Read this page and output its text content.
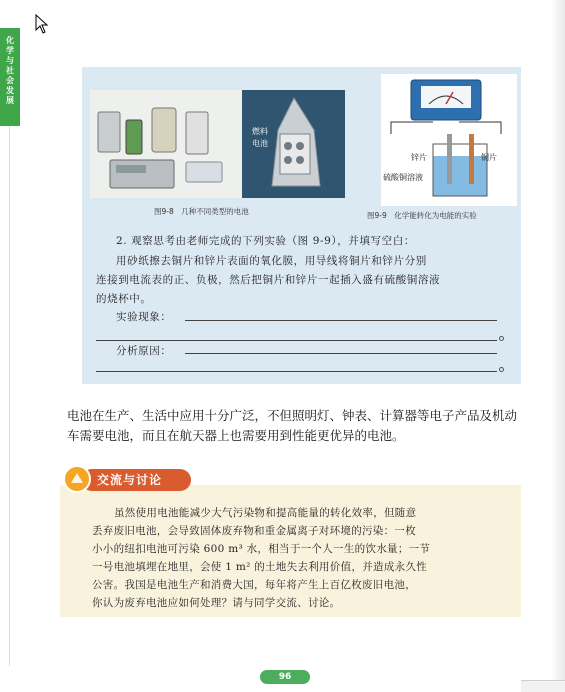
化学与社会发展
燃料
电池
图9-8　几种不同类型的电池
锌片	铜片
硫酸铜溶液
图9-9　化学能转化为电能的实验
2. 观察思考由老师完成的下列实验（图 9-9），并填写空白：
用砂纸擦去铜片和锌片表面的氧化膜，用导线将铜片和锌片分别
连接到电流表的正、负极，然后把铜片和锌片一起插入盛有硫酸铜溶液
的烧杯中。
实验现象：
分析原因：
电池在生产、生活中应用十分广泛，不但照明灯、钟表、计算器等电子产品及机动车需要电池，而且在航天器上也需要用到性能更优异的电池。
交流与讨论
虽然使用电池能减少大气污染物和提高能量的转化效率，但随意
丢弃废旧电池，会导致固体废弃物和重金属离子对环境的污染：一枚
小小的纽扣电池可污染 600 m³ 水，相当于一个人一生的饮水量；一节
一号电池填埋在地里，会使 1 m² 的土地失去利用价值，并造成永久性
公害。我国是电池生产和消费大国，每年将产生上百亿枚废旧电池，
你认为废弃电池应如何处理？请与同学交流、讨论。
96
